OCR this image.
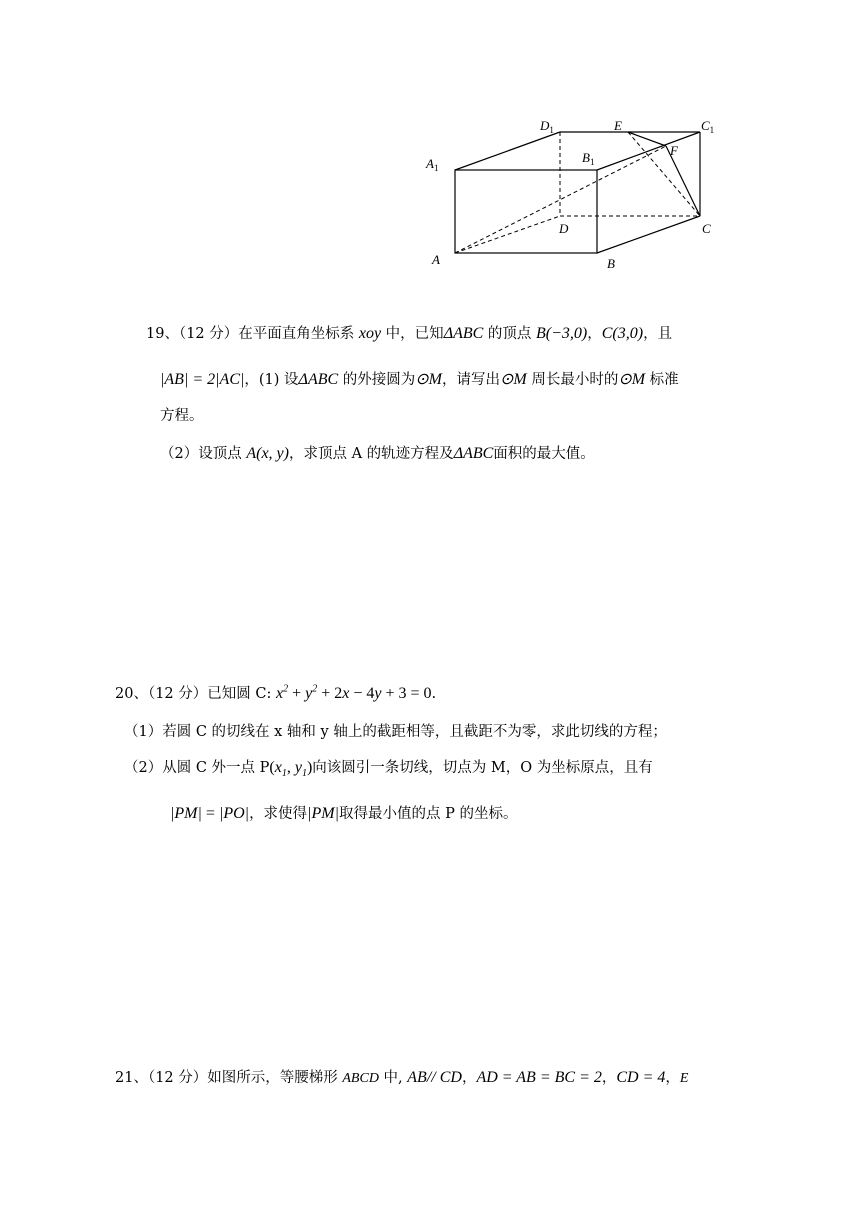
$D_1$	E	$C_1$
F
$B_1$
$A_1$
D	C
A	B
19、（12 分）在平面直角坐标系 xoy 中，已知ΔABC 的顶点 B(−3,0)，C(3,0)，且
|AB| = 2|AC|，(1) 设ΔABC 的外接圆为⊙M，请写出⊙M 周长最小时的⊙M 标准
方程。
（2）设顶点 A(x, y)，求顶点 A 的轨迹方程及ΔABC面积的最大值。
20、（12 分）已知圆 C: $x^2 + y^2 + 2x - 4y + 3 = 0$.
（1）若圆 C 的切线在 x 轴和 y 轴上的截距相等，且截距不为零，求此切线的方程；
（2）从圆 C 外一点 $P(x_1$, $y_1$)向该圆引一条切线，切点为 M，O 为坐标原点，且有
|PM| = |PO|，求使得|PM|取得最小值的点 P 的坐标。
21、（12 分）如图所示，等腰梯形 ABCD 中, AB// CD，AD = AB = BC = 2，CD = 4，E
